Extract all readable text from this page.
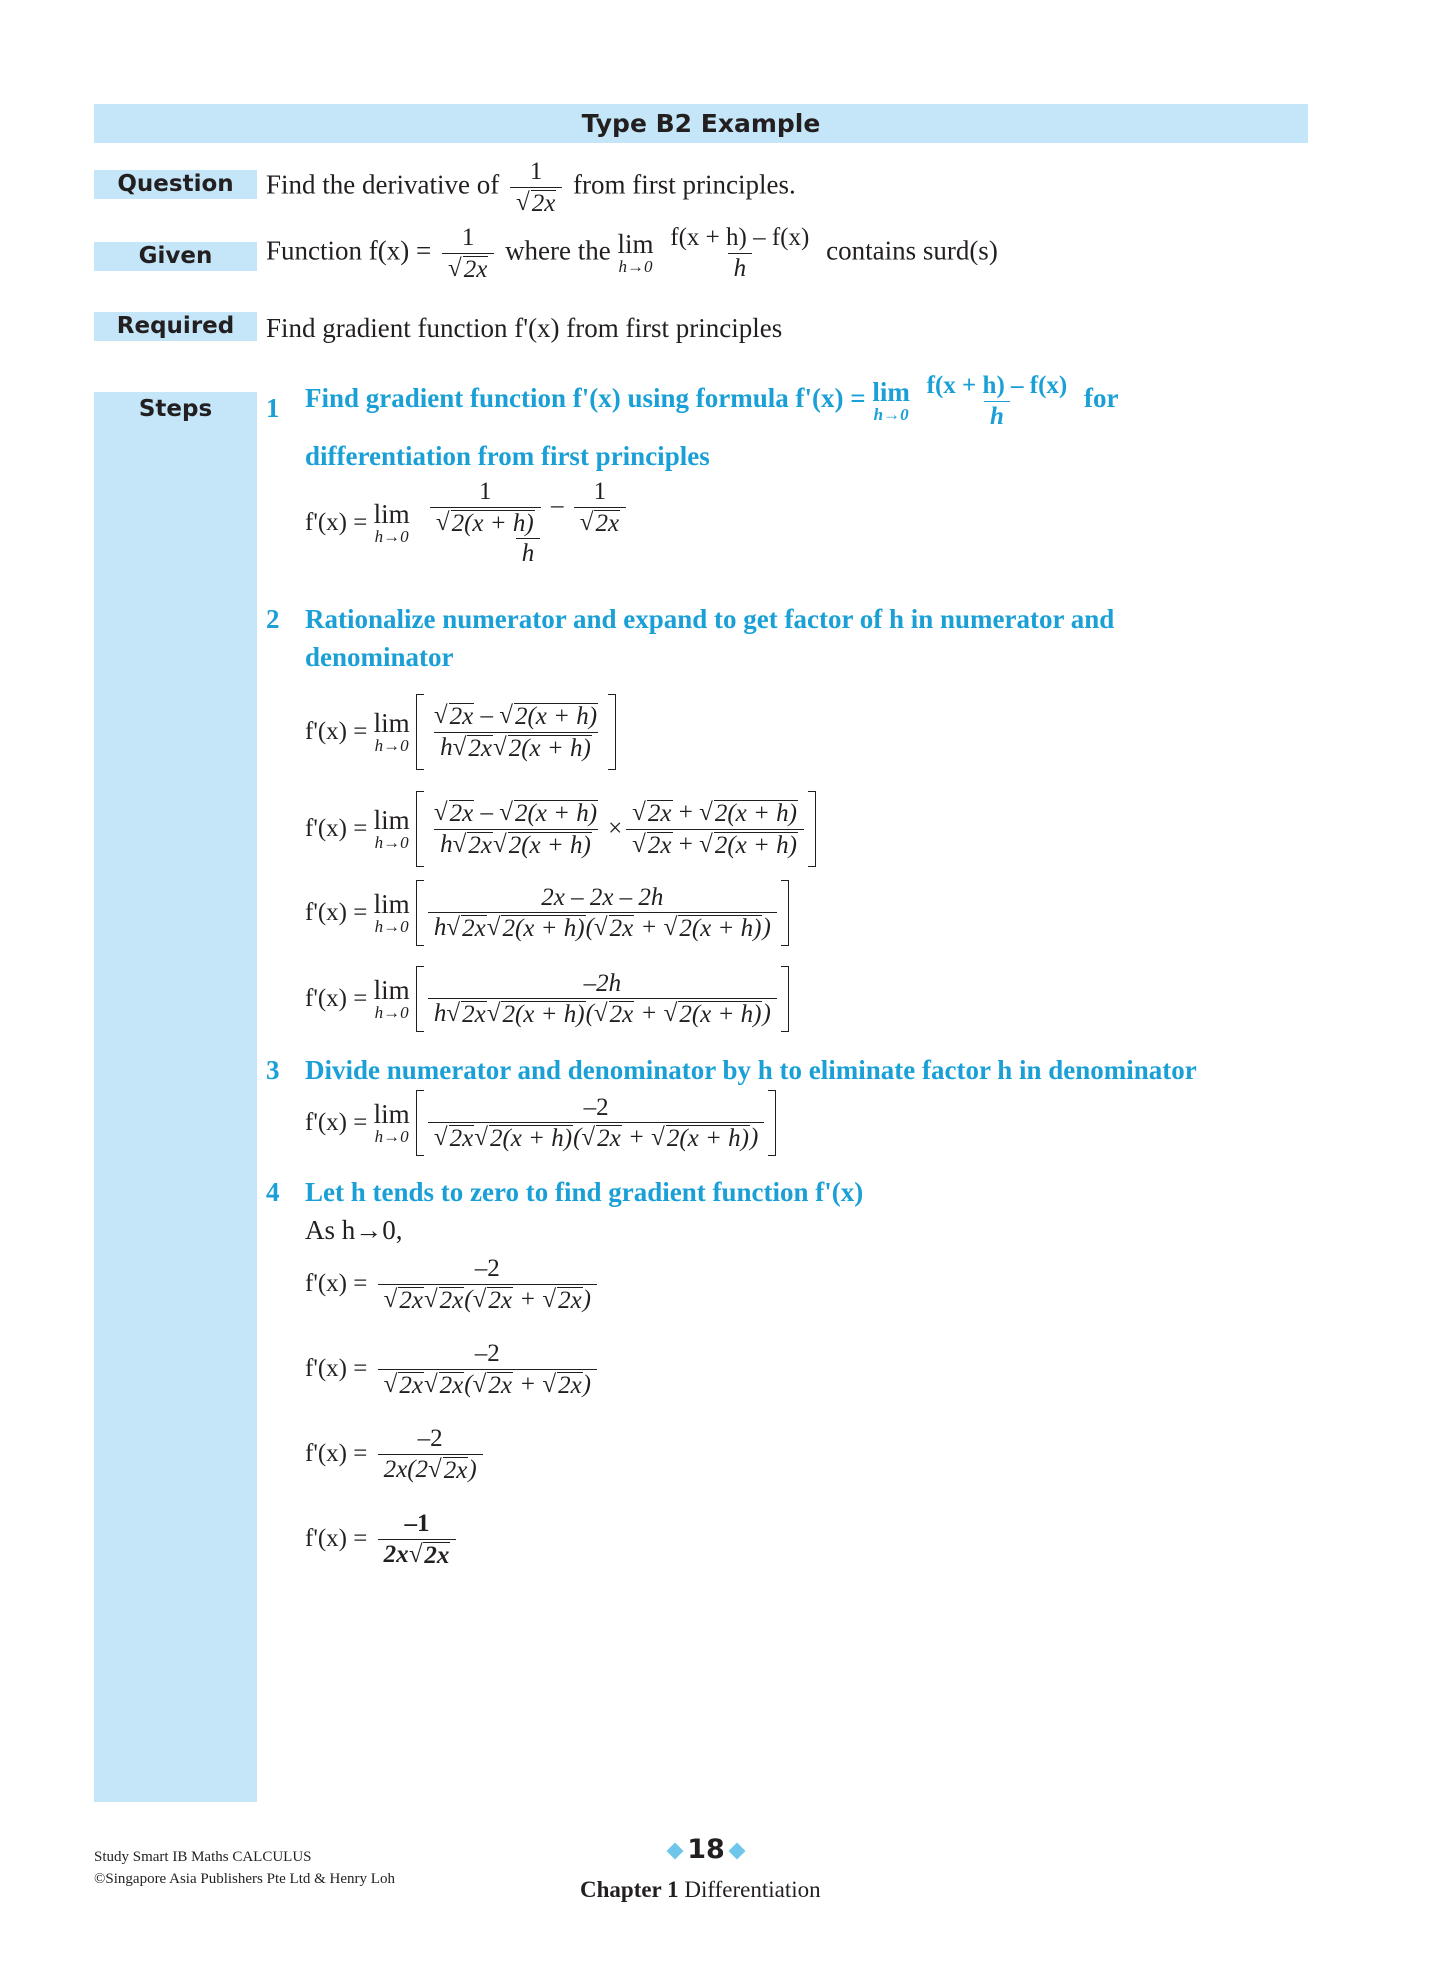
Type B2 Example
Question	Find the derivative of $\frac{1}{√ 2x}$ from first principles.
Given	Function $f(x) = \frac{1}{√ 2x}$ where the lim
h→0
$\frac{f(x + h) - f(x)}{h}$ contains surd(s)
Required	Find gradient function f'(x) from first principles
Steps	1 Find gradient function f'(x) using formula f'(x) = lim
h→0
$\frac{f(x + h) - f(x)}{h}$ for
differentiation from first principles
f'(x) = lim
h→0
$\frac{\frac{1}{√ 2(x + h)} - \frac{1}{√ 2x}}{h}$
2 Rationalize numerator and expand to get factor of h in numerator and
denominator
f'(x) = lim
h→0
$\frac{√ 2x - √ 2(x + h)}{h √ 2x √ 2(x + h)}$
f'(x) = lim
h→0
$\frac{√ 2x - √ 2(x + h)}{h √ 2x √ 2(x + h)} \times \frac{√ 2x + √ 2(x + h)}{√ 2x + √ 2(x + h)}$
f'(x) = lim
h→0
$\frac{2x - 2x - 2h}{h √ 2x √ 2(x + h) ( √ 2x + √ 2(x + h) )}$
f'(x) = lim
h→0
$\frac{-2h}{h √ 2x √ 2(x + h) ( √ 2x + √ 2(x + h) )}$
3 Divide numerator and denominator by h to eliminate factor h in denominator
f'(x) = lim
h→0
$\frac{-2}{√ 2x √ 2(x + h) ( √ 2x + √ 2(x + h) )}$
4 Let h tends to zero to find gradient function f'(x)
As h→0,
$f'(x) = \frac{-2}{√ 2x √ 2x ( √ 2x + √ 2x )}$
$f'(x) = \frac{-2}{√ 2x √ 2x ( √ 2x + √ 2x )}$
$f'(x) = \frac{-2}{2x(2 √ 2x )}$
$f'(x) = \frac{-1}{2x √ 2x}$
Study Smart IB Maths CALCULUS
©Singapore Asia Publishers Pte Ltd & Henry Loh
18
Chapter 1 Differentiation
